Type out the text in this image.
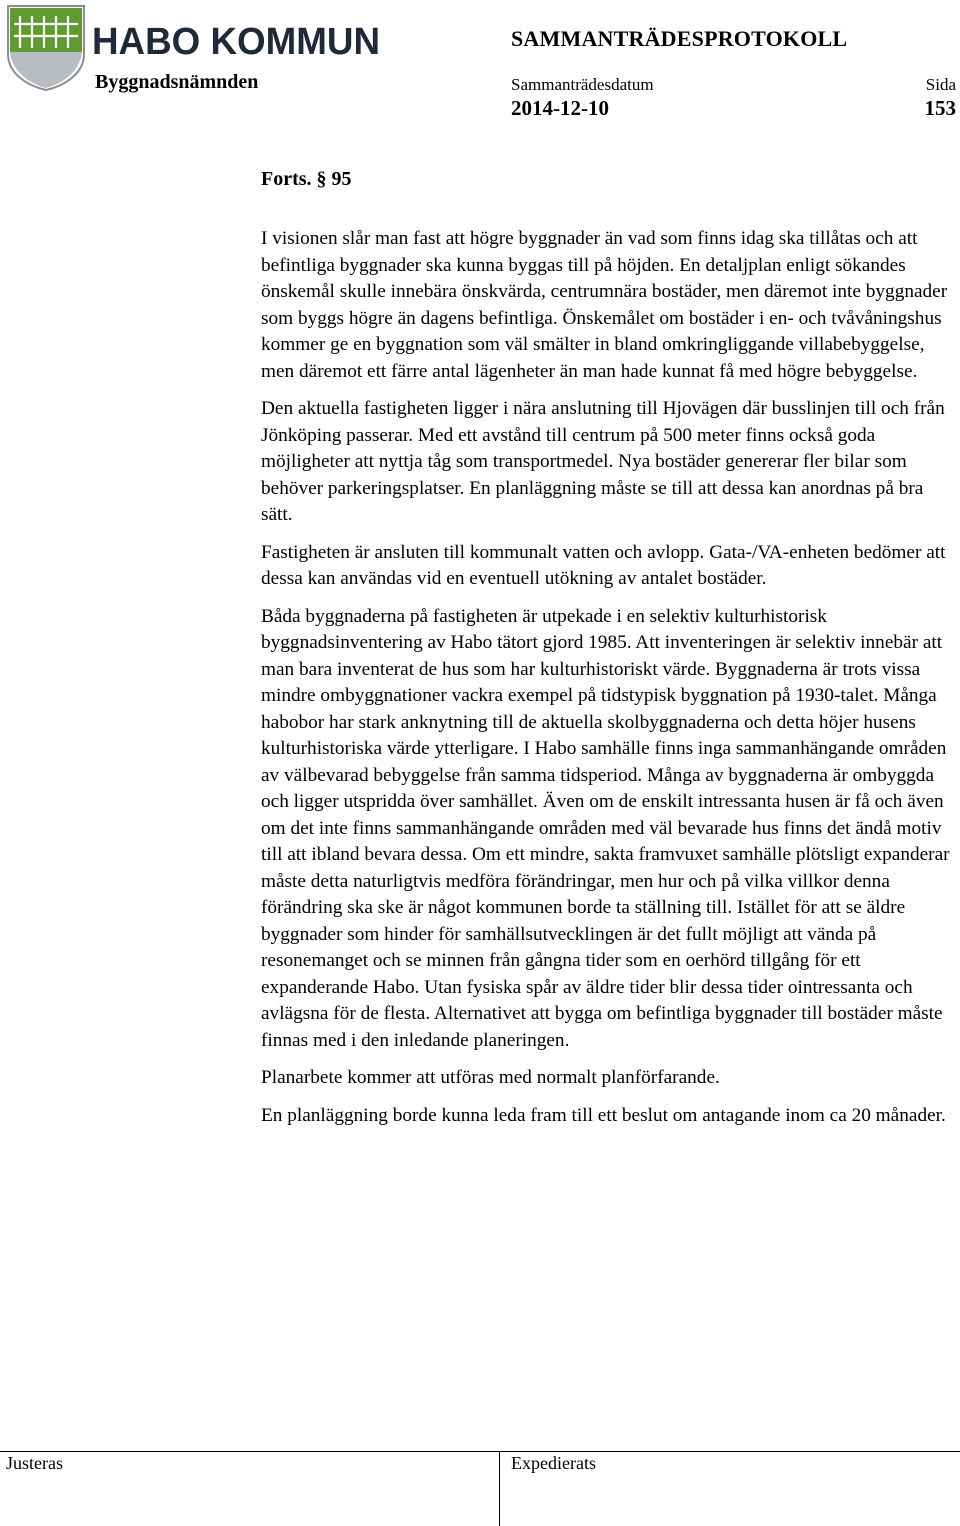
HABO KOMMUN
Byggnadsnämnden
SAMMANTRÄDESPROTOKOLL
Sammanträdesdatum	Sida
2014-12-10	153
Forts. § 95

I visionen slår man fast att högre byggnader än vad som finns idag ska tillåtas och att befintliga byggnader ska kunna byggas till på höjden. En detaljplan enligt sökandes önskemål skulle innebära önskvärda, centrumnära bostäder, men däremot inte byggnader som byggs högre än dagens befintliga. Önskemålet om bostäder i en- och tvåvåningshus kommer ge en byggnation som väl smälter in bland omkringliggande villabebyggelse, men däremot ett färre antal lägenheter än man hade kunnat få med högre bebyggelse.

Den aktuella fastigheten ligger i nära anslutning till Hjovägen där busslinjen till och från Jönköping passerar. Med ett avstånd till centrum på 500 meter finns också goda möjligheter att nyttja tåg som transportmedel. Nya bostäder genererar fler bilar som behöver parkeringsplatser. En planläggning måste se till att dessa kan anordnas på bra sätt.

Fastigheten är ansluten till kommunalt vatten och avlopp. Gata-/VA-enheten bedömer att dessa kan användas vid en eventuell utökning av antalet bostäder.

Båda byggnaderna på fastigheten är utpekade i en selektiv kulturhistorisk byggnadsinventering av Habo tätort gjord 1985. Att inventeringen är selektiv innebär att man bara inventerat de hus som har kulturhistoriskt värde. Byggnaderna är trots vissa mindre ombyggnationer vackra exempel på tidstypisk byggnation på 1930-talet. Många habobor har stark anknytning till de aktuella skolbyggnaderna och detta höjer husens kulturhistoriska värde ytterligare. I Habo samhälle finns inga sammanhängande områden av välbevarad bebyggelse från samma tidsperiod. Många av byggnaderna är ombyggda och ligger utspridda över samhället. Även om de enskilt intressanta husen är få och även om det inte finns sammanhängande områden med väl bevarade hus finns det ändå motiv till att ibland bevara dessa. Om ett mindre, sakta framvuxet samhälle plötsligt expanderar måste detta naturligtvis medföra förändringar, men hur och på vilka villkor denna förändring ska ske är något kommunen borde ta ställning till. Istället för att se äldre byggnader som hinder för samhällsutvecklingen är det fullt möjligt att vända på resonemanget och se minnen från gångna tider som en oerhörd tillgång för ett expanderande Habo. Utan fysiska spår av äldre tider blir dessa tider ointressanta och avlägsna för de flesta. Alternativet att bygga om befintliga byggnader till bostäder måste finnas med i den inledande planeringen.

Planarbete kommer att utföras med normalt planförfarande.

En planläggning borde kunna leda fram till ett beslut om antagande inom ca 20 månader.

Justeras	Expedierats
